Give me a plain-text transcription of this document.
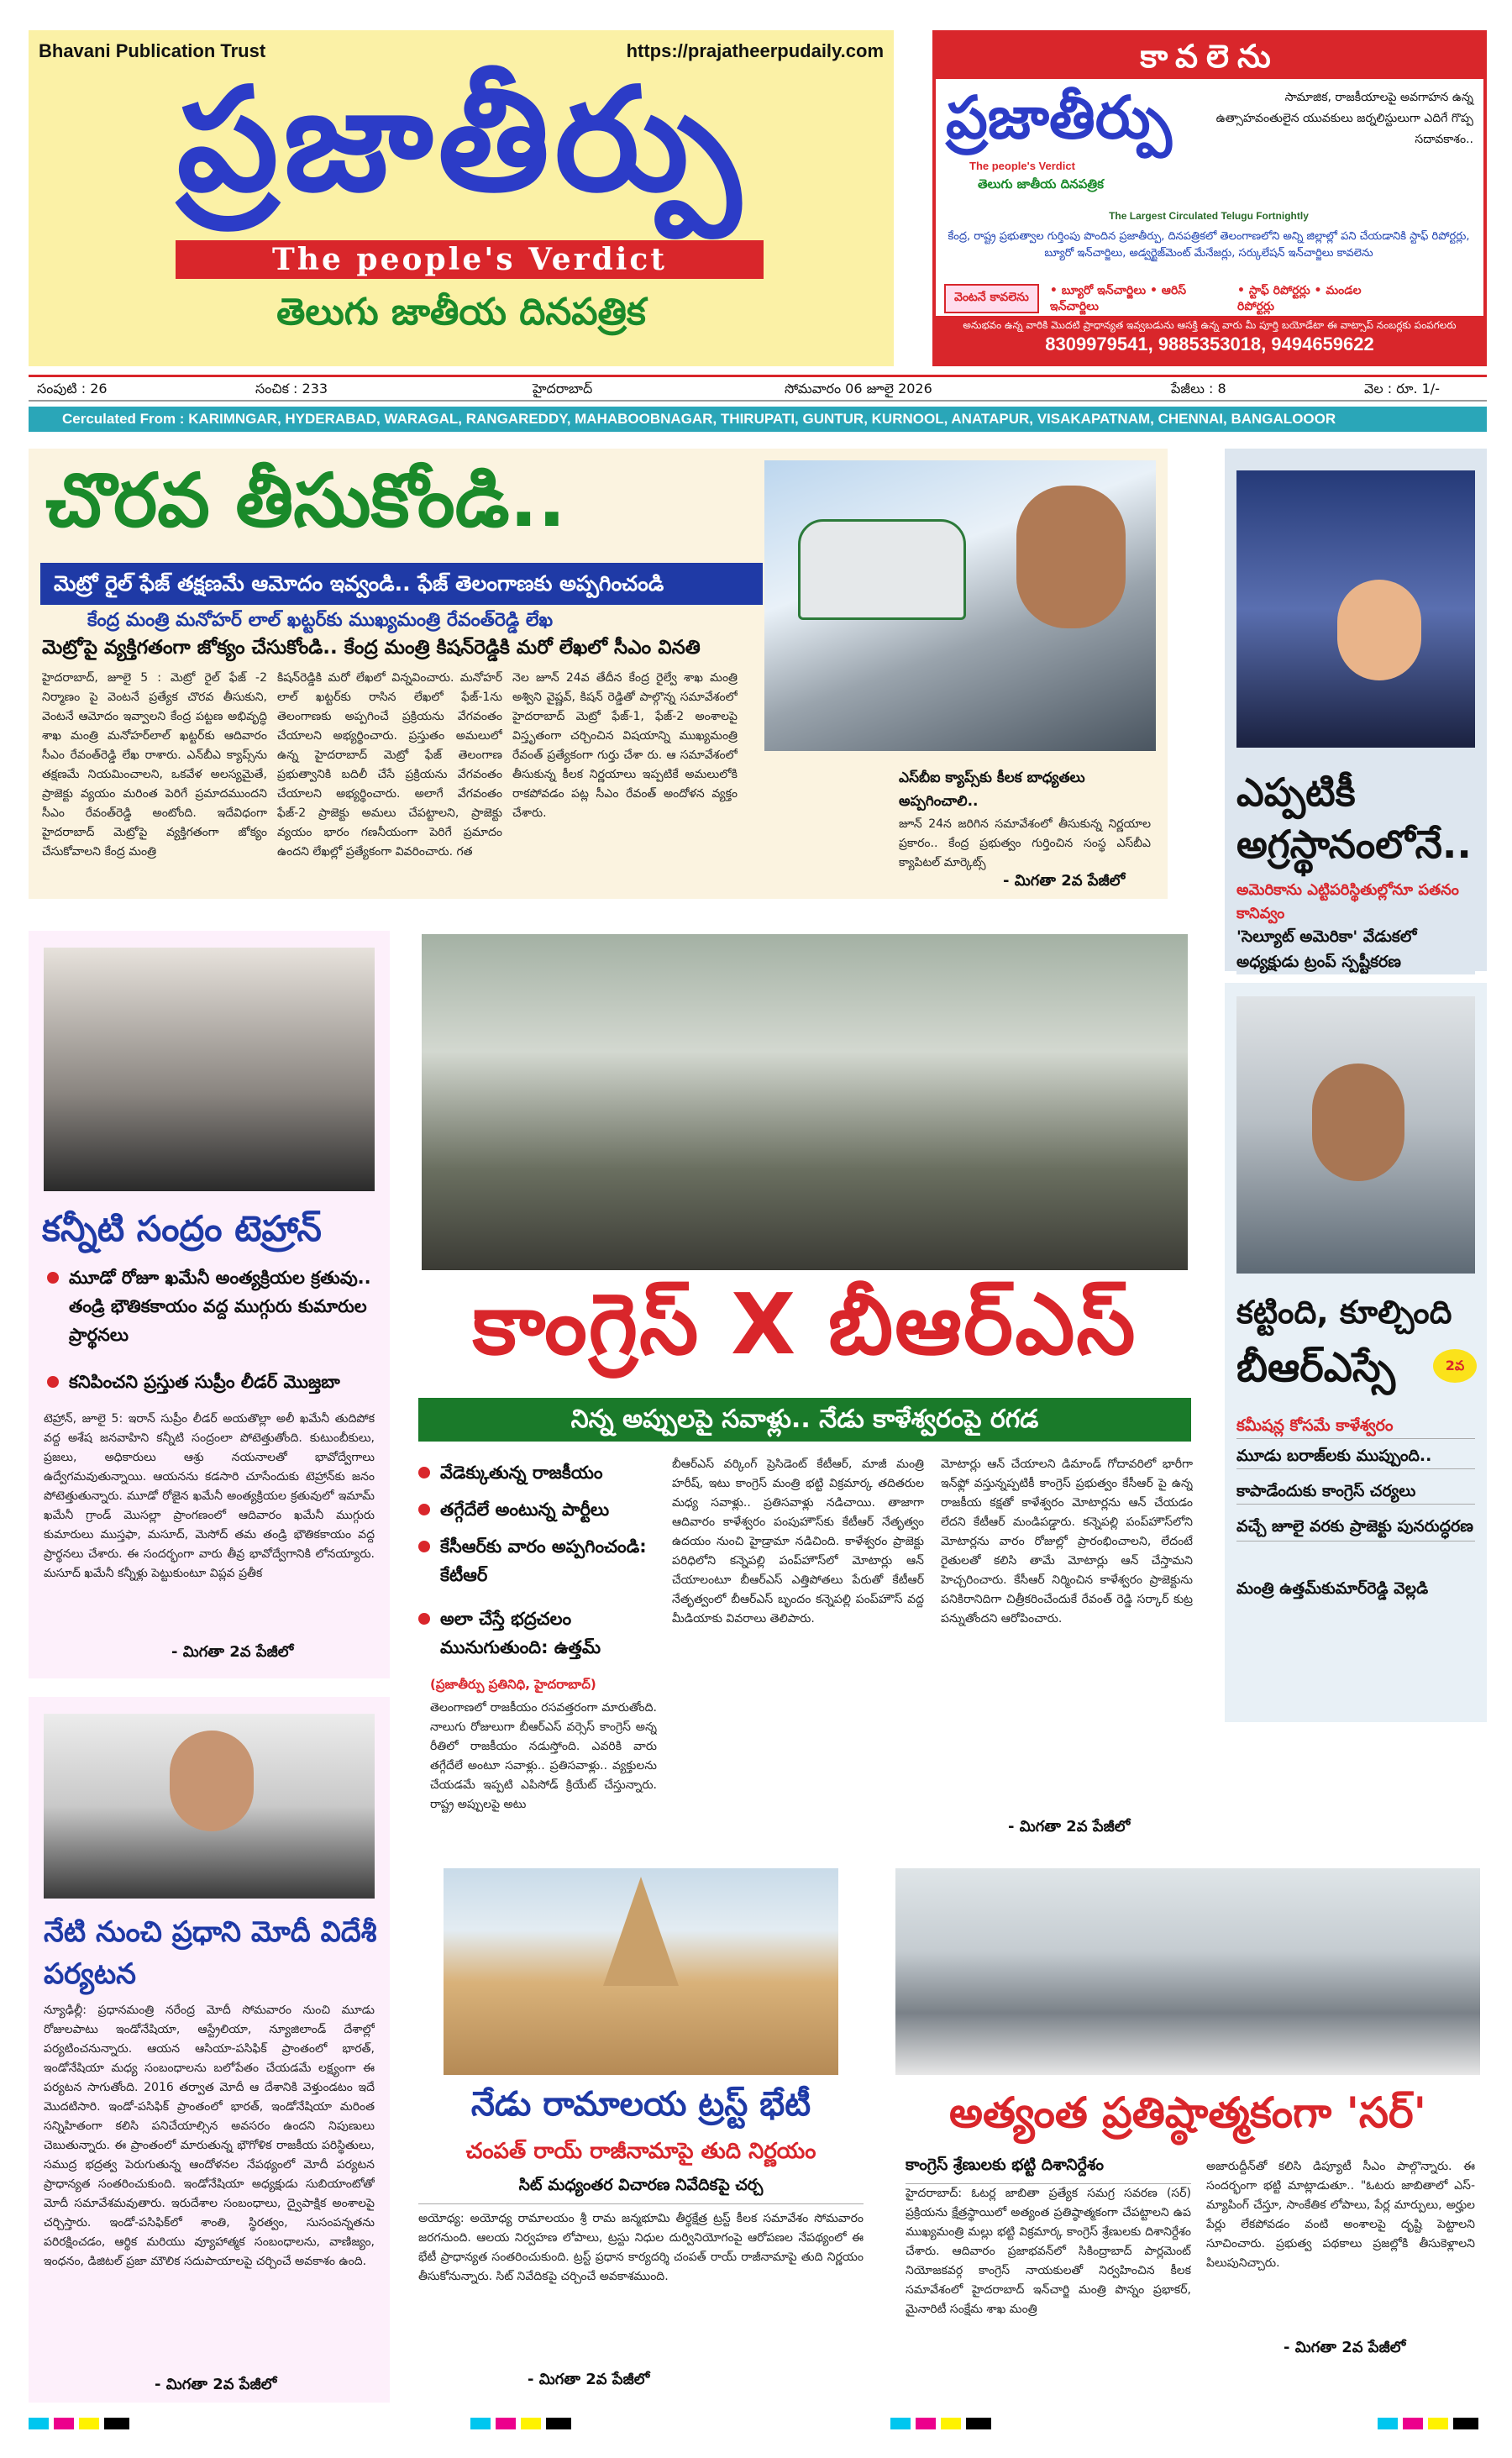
Bhavani Publication Trust	https://prajatheerpudaily.com
ప్రజాతీర్పు
The people's Verdict
తెలుగు జాతీయ దినపత్రిక
కావలెను
ప్రజాతీర్పు
The people's Verdict
తెలుగు జాతీయ దినపత్రిక
సామాజిక, రాజకీయాలపై అవగాహన ఉన్న ఉత్సాహవంతులైన యువకులు జర్నలిస్టులుగా ఎదిగే గొప్ప సదావకాశం..
The Largest Circulated Telugu Fortnightly
కేంద్ర, రాష్ట్ర ప్రభుత్వాల గుర్తింపు పొందిన ప్రజాతీర్పు, దినపత్రికలో తెలంగాణలోని అన్ని జిల్లాల్లో పని చేయడానికి స్టాఫ్ రిపోర్టర్లు, బ్యూరో ఇన్‌చార్జిలు, అడ్వర్టైజ్‌మెంట్ మేనేజర్లు, సర్కులేషన్ ఇన్‌చార్జిలు కావలెను
వెంటనే కావలెను • బ్యూరో ఇన్‌చార్జిలు • ఆరిస్ ఇన్‌చార్జిలు • స్టాఫ్ రిపోర్టర్లు • మండల రిపోర్టర్లు
అనుభవం ఉన్న వారికి మొదటి ప్రాధాన్యత ఇవ్వబడును ఆసక్తి ఉన్న వారు మీ పూర్తి బయోడేటా ఈ వాట్సాప్ నంబర్లకు పంపగలరు
8309979541, 9885353018, 9494659622
సంపుటి : 26	సంచిక : 233	హైదరాబాద్	సోమవారం 06 జూలై 2026	పేజీలు : 8	వెల : రూ. 1/-
Cerculated From : KARIMNGAR, HYDERABAD, WARAGAL, RANGAREDDY, MAHABOOBNAGAR, THIRUPATI, GUNTUR, KURNOOL, ANATAPUR, VISAKAPATNAM, CHENNAI, BANGALOOOR
చొరవ తీసుకోండి..
మెట్రో రైల్ ఫేజ్ తక్షణమే ఆమోదం ఇవ్వండి.. ఫేజ్ తెలంగాణకు అప్పగించండి
కేంద్ర మంత్రి మనోహర్ లాల్ ఖట్టర్‌కు ముఖ్యమంత్రి రేవంత్‌రెడ్డి లేఖ
మెట్రోపై వ్యక్తిగతంగా జోక్యం చేసుకోండి.. కేంద్ర మంత్రి కిషన్‌రెడ్డికి మరో లేఖలో సీఎం వినతి
హైదరాబాద్, జూలై 5 : మెట్రో రైల్ ఫేజ్ -2 నిర్మాణం పై వెంటనే ప్రత్యేక చొరవ తీసుకుని, వెంటనే ఆమోదం ఇవ్వాలని కేంద్ర పట్టణ అభివృద్ధి శాఖ మంత్రి మనోహర్‌లాల్ ఖట్టర్‌కు ఆదివారం సీఎం రేవంత్‌రెడ్డి లేఖ రాశారు. ఎన్‌బీఎ క్యాప్స్‌ను తక్షణమే నియమించాలని, ఒకవేళ అలస్యమైతే, ప్రాజెక్టు వ్యయం మరింత పెరిగే ప్రమాదముందని సీఎం రేవంత్‌రెడ్డి అంటోంది. ఇదేవిధంగా హైదరాబాద్ మెట్రోపై వ్యక్తిగతంగా జోక్యం చేసుకోవాలని కేంద్ర మంత్రి
కిషన్‌రెడ్డికి మరో లేఖలో విన్నవించారు. మనోహర్ లాల్ ఖట్టర్‌కు రాసిన లేఖలో ఫేజ్-1ను తెలంగాణకు అప్పగించే ప్రక్రియను వేగవంతం చేయాలని అభ్యర్థించారు. ప్రస్తుతం అమలులో ఉన్న హైదరాబాద్ మెట్రో ఫేజ్ తెలంగాణ ప్రభుత్వానికి బదిలీ చేసే ప్రక్రియను వేగవంతం చేయాలని అభ్యర్థించారు. అలాగే వేగవంతం ఫేజ్-2 ప్రాజెక్టు అమలు చేపట్టాలని, ప్రాజెక్టు వ్యయం భారం గణనీయంగా పెరిగే ప్రమాదం ఉందని లేఖల్లో ప్రత్యేకంగా వివరించారు. గత
నెల జూన్ 24వ తేదీన కేంద్ర రైల్వే శాఖ మంత్రి అశ్విని వైష్ణవ్, కిషన్ రెడ్డితో పాల్గొన్న సమావేశంలో హైదరాబాద్ మెట్రో ఫేజ్-1, ఫేజ్-2 అంశాలపై విస్తృతంగా చర్చించిన విషయాన్ని ముఖ్యమంత్రి రేవంత్ ప్రత్యేకంగా గుర్తు చేశా రు. ఆ సమావేశంలో తీసుకున్న కీలక నిర్ణయాలు ఇప్పటికే అమలులోకి రాకపోవడం పట్ల సీఎం రేవంత్ అందోళన వ్యక్తం చేశారు.
ఎస్‌బీఐ క్యాప్స్‌కు కీలక బాధ్యతలు అప్పగించాలి..
జూన్ 24న జరిగిన సమావేశంలో తీసుకున్న నిర్ణయాల ప్రకారం.. కేంద్ర ప్రభుత్వం గుర్తించిన సంస్థ ఎస్‌బీఎ క్యాపిటల్ మార్కెట్స్
- మిగతా 2వ పేజీలో
ఎప్పటికీ అగ్రస్థానంలోనే..
అమెరికాను ఎట్టిపరిస్థితుల్లోనూ పతనం కానివ్వం
'సెల్యూట్ అమెరికా' వేడుకలో అధ్యక్షుడు ట్రంప్ స్పష్టీకరణ
కన్నీటి సంద్రం టెహ్రాన్
మూడో రోజూ ఖమేనీ అంత్యక్రియల క్రతువు.. తండ్రి భౌతికకాయం వద్ద ముగ్గురు కుమారుల ప్రార్థనలు
కనిపించని ప్రస్తుత సుప్రీం లీడర్ మొజ్తబా
టెహ్రాన్, జూలై 5: ఇరాన్ సుప్రీం లీడర్ అయతొల్లా అలీ ఖమేనీ తుదిపోక వద్ద అశేష జనవాహిని కన్నీటి సంద్రంలా పోటెత్తుతోంది. కుటుంబీకులు, ప్రజలు, అధికారులు ఆశ్రు నయనాలతో భావోద్వేగాలు ఉద్వేగమవుతున్నాయి. ఆయనను కడసారి చూసేందుకు టెహ్రాన్‌కు జనం పోటెత్తుతున్నారు. మూడో రోజైన ఖమేనీ అంత్యక్రియల క్రతువులో ఇమామ్ ఖమేనీ గ్రాండ్ మొసల్లా ప్రాంగణంలో ఆదివారం ఖమేనీ ముగ్గురు కుమారులు ముస్తఫా, మసూద్, మెసోద్ తమ తండ్రి భౌతికకాయం వద్ద ప్రార్థనలు చేశారు. ఈ సందర్భంగా వారు తీవ్ర భావోద్వేగానికి లోనయ్యారు. మసూద్ ఖమేనీ కన్నీళ్లు పెట్టుకుంటూ విప్లవ ప్రతీక
- మిగతా 2వ పేజీలో
కాంగ్రెస్ X బీఆర్ఎస్
నిన్న అప్పులపై సవాళ్లు.. నేడు కాళేశ్వరంపై రగడ
వేడెక్కుతున్న రాజకీయం
తగ్గేదేలే అంటున్న పార్టీలు
కేసీఆర్‌కు వారం అప్పగించండి: కేటీఆర్
అలా చేస్తే భద్రచలం మునుగుతుంది: ఉత్తమ్
(ప్రజాతీర్పు ప్రతినిధి, హైదరాబాద్)
తెలంగాణలో రాజకీయం రసవత్తరంగా మారుతోంది. నాలుగు రోజులుగా బీఆర్ఎస్ వర్సెస్ కాంగ్రెస్ అన్న రీతిలో రాజకీయం నడుస్తోంది. ఎవరికి వారు తగ్గేదేలే అంటూ సవాళ్లు.. ప్రతిసవాళ్లు.. వ్యక్తులను చేయడమే ఇప్పటి ఎపిసోడ్ క్రియేట్ చేస్తున్నారు. రాష్ట్ర అప్పులపై అటు
బీఆర్ఎస్ వర్కింగ్ ప్రెసిడెంట్ కేటీఆర్, మాజీ మంత్రి హరీష్, ఇటు కాంగ్రెస్ మంత్రి భట్టి విక్రమార్క తదితరుల మధ్య సవాళ్లు.. ప్రతిసవాళ్లు నడిచాయి. తాజాగా ఆదివారం కాళేశ్వరం పంపుహౌస్‌కు కేటీఆర్ నేతృత్వం ఉదయం నుంచి హైడ్రామా నడిచింది. కాళేశ్వరం ప్రాజెక్టు పరిధిలోని కన్నెపల్లి పంప్‌హౌస్‌లో మోటార్లు ఆన్ చేయాలంటూ బీఆర్ఎస్ ఎత్తిపోతలు పేరుతో కేటీఆర్ నేతృత్వంలో బీఆర్ఎస్ బృందం కన్నెపల్లి పంప్‌హౌస్ వద్ద మీడియాకు వివరాలు తెలిపారు.
మోటార్లు ఆన్ చేయాలని డిమాండ్ గోదావరిలో భారీగా ఇన్‌ఫ్లో వస్తున్నప్పటికీ కాంగ్రెస్ ప్రభుత్వం కేసీఆర్ పై ఉన్న రాజకీయ కక్షతో కాళేశ్వరం మోటార్లను ఆన్ చేయడం లేదని కేటీఆర్ మండిపడ్డారు. కన్నెపల్లి పంప్‌హౌస్‌లోని మోటార్లను వారం రోజుల్లో ప్రారంభించాలని, లేదంటే రైతులతో కలిసి తామే మోటార్లు ఆన్ చేస్తామని హెచ్చరించారు. కేసీఆర్ నిర్మించిన కాళేశ్వరం ప్రాజెక్టును పనికిరానిదిగా చిత్రీకరించేందుకే రేవంత్ రెడ్డి సర్కార్ కుట్ర పన్నుతోందని ఆరోపించారు.
- మిగతా 2వ పేజీలో
కట్టింది, కూల్చింది
బీఆర్ఎస్సే	2వ
కమీషన్ల కోసమే కాళేశ్వరం
మూడు బరాజ్‌లకు ముప్పుంది..
కాపాడేందుకు కాంగ్రెస్ చర్యలు
వచ్చే జూలై వరకు ప్రాజెక్టు పునరుద్ధరణ
మంత్రి ఉత్తమ్‌కుమార్‌రెడ్డి వెల్లడి
నేటి నుంచి ప్రధాని మోదీ విదేశీ పర్యటన
న్యూఢిల్లీ: ప్రధానమంత్రి నరేంద్ర మోదీ సోమవారం నుంచి మూడు రోజులపాటు ఇండోనేషియా, ఆస్ట్రేలియా, న్యూజిలాండ్ దేశాల్లో పర్యటించనున్నారు. ఆయన ఆసియా-పసిఫిక్ ప్రాంతంలో భారత్, ఇండోనేషియా మధ్య సంబంధాలను బలోపేతం చేయడమే లక్ష్యంగా ఈ పర్యటన సాగుతోంది. 2016 తర్వాత మోదీ ఆ దేశానికి వెళ్తుండటం ఇదే మొదటిసారి. ఇండో-పసిఫిక్ ప్రాంతంలో భారత్, ఇండోనేషియా మరింత సన్నిహితంగా కలిసి పనిచేయాల్సిన అవసరం ఉందని నిపుణులు చెబుతున్నారు. ఈ ప్రాంతంలో మారుతున్న భౌగోళిక రాజకీయ పరిస్థితులు, సముద్ర భద్రత్వ పెరుగుతున్న ఆందోళనల నేపథ్యంలో మోదీ పర్యటన ప్రాధాన్యత సంతరించుకుంది. ఇండోనేషియా అధ్యక్షుడు సుబియాంటోతో మోదీ సమావేశమవుతారు. ఇరుదేశాల సంబంధాలు, ద్వైపాక్షిక అంశాలపై చర్చిస్తారు. ఇండో-పసిఫిక్‌లో శాంతి, స్థిరత్వం, సుసంపన్నతను పరిరక్షించడం, ఆర్థిక మరియు వ్యూహాత్మక సంబంధాలను, వాణిజ్యం, ఇంధనం, డిజిటల్ ప్రజా మౌలిక సదుపాయాలపై చర్చించే అవకాశం ఉంది.
- మిగతా 2వ పేజీలో
నేడు రామాలయ ట్రస్ట్ భేటీ
చంపత్ రాయ్ రాజీనామాపై తుది నిర్ణయం
సిట్ మధ్యంతర విచారణ నివేదికపై చర్చ
అయోధ్య: అయోధ్య రామాలయం శ్రీ రామ జన్మభూమి తీర్థక్షేత్ర ట్రస్ట్ కీలక సమావేశం సోమవారం జరగనుంది. ఆలయ నిర్వహణ లోపాలు, ట్రస్టు నిధుల దుర్వినియోగంపై ఆరోపణల నేపథ్యంలో ఈ భేటీ ప్రాధాన్యత సంతరించుకుంది. ట్రస్ట్ ప్రధాన కార్యదర్శి చంపత్ రాయ్ రాజీనామాపై తుది నిర్ణయం తీసుకోనున్నారు. సిట్ నివేదికపై చర్చించే అవకాశముంది.
- మిగతా 2వ పేజీలో
అత్యంత ప్రతిష్ఠాత్మకంగా 'సర్'
కాంగ్రెస్ శ్రేణులకు భట్టి దిశానిర్దేశం
హైదరాబాద్: ఓటర్ల జాబితా ప్రత్యేక సమగ్ర సవరణ (సర్) ప్రక్రియను క్షేత్రస్థాయిలో అత్యంత ప్రతిష్ఠాత్మకంగా చేపట్టాలని ఉప ముఖ్యమంత్రి మల్లు భట్టి విక్రమార్క కాంగ్రెస్ శ్రేణులకు దిశానిర్దేశం చేశారు. ఆదివారం ప్రజాభవన్‌లో సికింద్రాబాద్ పార్లమెంట్ నియోజకవర్గ కాంగ్రెస్ నాయకులతో నిర్వహించిన కీలక సమావేశంలో హైదరాబాద్ ఇన్‌చార్జి మంత్రి పొన్నం ప్రభాకర్, మైనారిటీ సంక్షేమ శాఖ మంత్రి
అజారుద్దీన్‌తో కలిసి డిప్యూటీ సీఎం పాల్గొన్నారు. ఈ సందర్భంగా భట్టి మాట్లాడుతూ.. "ఓటరు జాబితాలో ఎస్-మ్యాపింగ్ చేస్తూ, సాంకేతిక లోపాలు, పేర్ల మార్పులు, అర్హుల పేర్లు లేకపోవడం వంటి అంశాలపై దృష్టి పెట్టాలని సూచించారు. ప్రభుత్వ పథకాలు ప్రజల్లోకి తీసుకెళ్లాలని పిలుపునిచ్చారు.
- మిగతా 2వ పేజీలో
